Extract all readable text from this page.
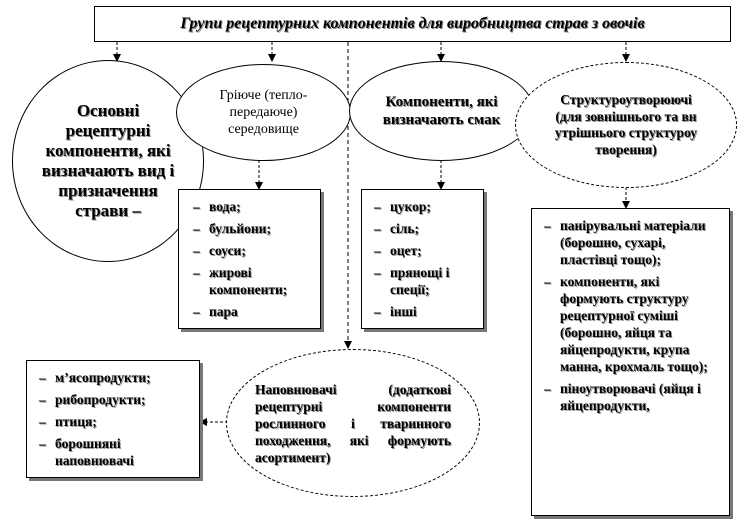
Групи рецептурних компонентів для виробництва страв з овочів
Основні рецептурні компоненти, які визначають вид і призначення страви –
Гріюче (теплопередаюче) середовище
Компоненти, які визначають смак
Структуроутворюючі (для зовнішнього та внутрішнього структуроутворення)
– вода;
– бульйони;
– соуси;
– жирові компоненти;
– пара
– цукор;
– сіль;
– оцет;
– прянощі і спеції;
– інші
– панірувальні матеріали (борошно, сухарі, пластівці тощо);
– компоненти, які формують структуру рецептурної суміші (борошно, яйця та яйцепродукти, крупа манна, крохмаль тощо);
– піноутворювачі (яйця і яйцепродукти,
Наповнювачі (додаткові рецептурні компоненти рослинного і тваринного походження, які формують асортимент)
– м’ясопродукти;
– рибопродукти;
– птиця;
– борошняні наповнювачі
